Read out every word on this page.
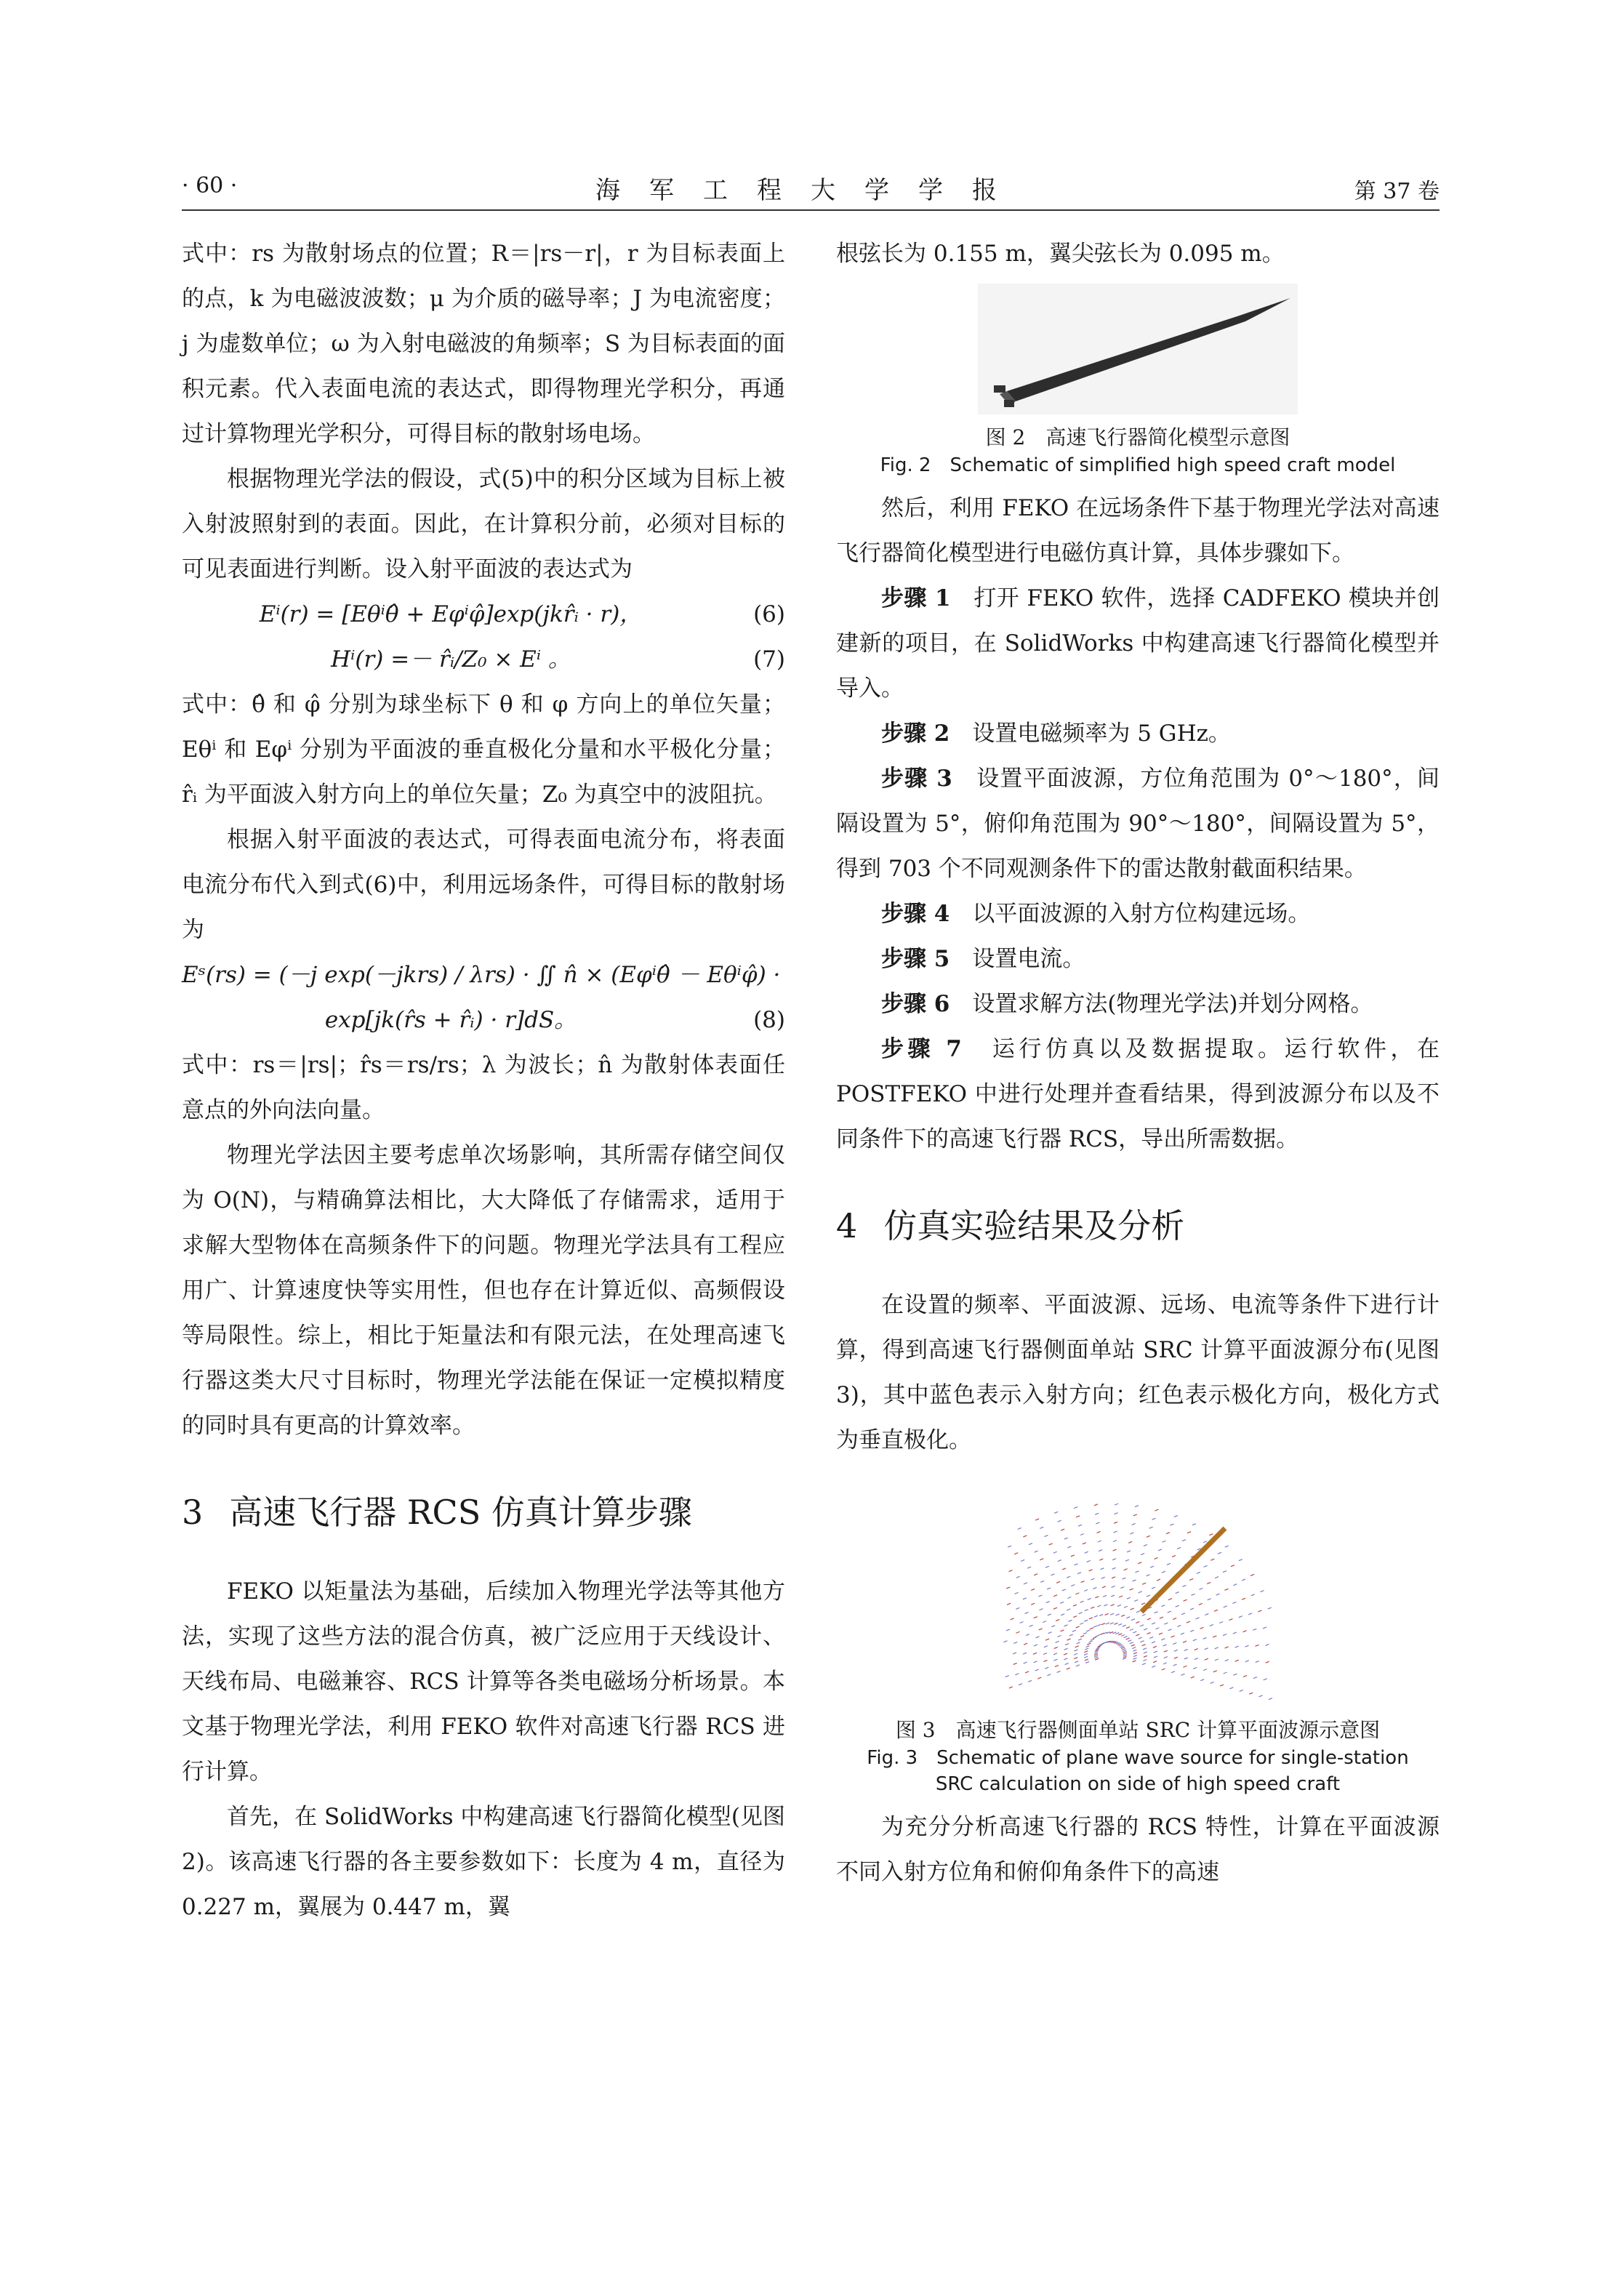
· 60 ·	海军工程大学学报	第 37 卷

式中：rs 为散射场点的位置；R＝|rs－r|，r 为目标表面上的点，k 为电磁波波数；μ 为介质的磁导率；J 为电流密度；j 为虚数单位；ω 为入射电磁波的角频率；S 为目标表面的面积元素。代入表面电流的表达式，即得物理光学积分，再通过计算物理光学积分，可得目标的散射场电场。

根据物理光学法的假设，式(5)中的积分区域为目标上被入射波照射到的表面。因此，在计算积分前，必须对目标的可见表面进行判断。设入射平面波的表达式为

Eⁱ(r) = [Eθⁱθ̂ + Eφⁱφ̂]exp(jkr̂ᵢ · r)，	(6)
Hⁱ(r) =－ r̂ᵢ/Z₀ × Eⁱ 。	(7)

式中：θ̂ 和 φ̂ 分别为球坐标下 θ 和 φ 方向上的单位矢量；Eθⁱ 和 Eφⁱ 分别为平面波的垂直极化分量和水平极化分量；r̂ᵢ 为平面波入射方向上的单位矢量；Z₀ 为真空中的波阻抗。

根据入射平面波的表达式，可得表面电流分布，将表面电流分布代入到式(6)中，利用远场条件，可得目标的散射场为

Eˢ(rs) = (－j exp(－jkrs) / λrs) · ∬ n̂ × (Eφⁱθ̂ － Eθⁱφ̂) ·
exp[jk(r̂s + r̂ᵢ) · r]dS。	(8)

式中：rs＝|rs|；r̂s＝rs/rs；λ 为波长；n̂ 为散射体表面任意点的外向法向量。

物理光学法因主要考虑单次场影响，其所需存储空间仅为 O(N)，与精确算法相比，大大降低了存储需求，适用于求解大型物体在高频条件下的问题。物理光学法具有工程应用广、计算速度快等实用性，但也存在计算近似、高频假设等局限性。综上，相比于矩量法和有限元法，在处理高速飞行器这类大尺寸目标时，物理光学法能在保证一定模拟精度的同时具有更高的计算效率。

3 高速飞行器 RCS 仿真计算步骤

FEKO 以矩量法为基础，后续加入物理光学法等其他方法，实现了这些方法的混合仿真，被广泛应用于天线设计、天线布局、电磁兼容、RCS 计算等各类电磁场分析场景。本文基于物理光学法，利用 FEKO 软件对高速飞行器 RCS 进行计算。

首先，在 SolidWorks 中构建高速飞行器简化模型(见图 2)。该高速飞行器的各主要参数如下：长度为 4 m，直径为 0.227 m，翼展为 0.447 m，翼

根弦长为 0.155 m，翼尖弦长为 0.095 m。

图 2　高速飞行器简化模型示意图
Fig. 2　Schematic of simplified high speed craft model

然后，利用 FEKO 在远场条件下基于物理光学法对高速飞行器简化模型进行电磁仿真计算，具体步骤如下。

步骤 1　打开 FEKO 软件，选择 CADFEKO 模块并创建新的项目，在 SolidWorks 中构建高速飞行器简化模型并导入。

步骤 2　设置电磁频率为 5 GHz。

步骤 3　设置平面波源，方位角范围为 0°～180°，间隔设置为 5°，俯仰角范围为 90°～180°，间隔设置为 5°，得到 703 个不同观测条件下的雷达散射截面积结果。

步骤 4　以平面波源的入射方位构建远场。

步骤 5　设置电流。

步骤 6　设置求解方法(物理光学法)并划分网格。

步骤 7　运行仿真以及数据提取。运行软件，在 POSTFEKO 中进行处理并查看结果，得到波源分布以及不同条件下的高速飞行器 RCS，导出所需数据。

4 仿真实验结果及分析

在设置的频率、平面波源、远场、电流等条件下进行计算，得到高速飞行器侧面单站 SRC 计算平面波源分布(见图 3)，其中蓝色表示入射方向；红色表示极化方向，极化方式为垂直极化。

图 3　高速飞行器侧面单站 SRC 计算平面波源示意图
Fig. 3　Schematic of plane wave source for single-station
SRC calculation on side of high speed craft

为充分分析高速飞行器的 RCS 特性，计算在平面波源不同入射方位角和俯仰角条件下的高速
